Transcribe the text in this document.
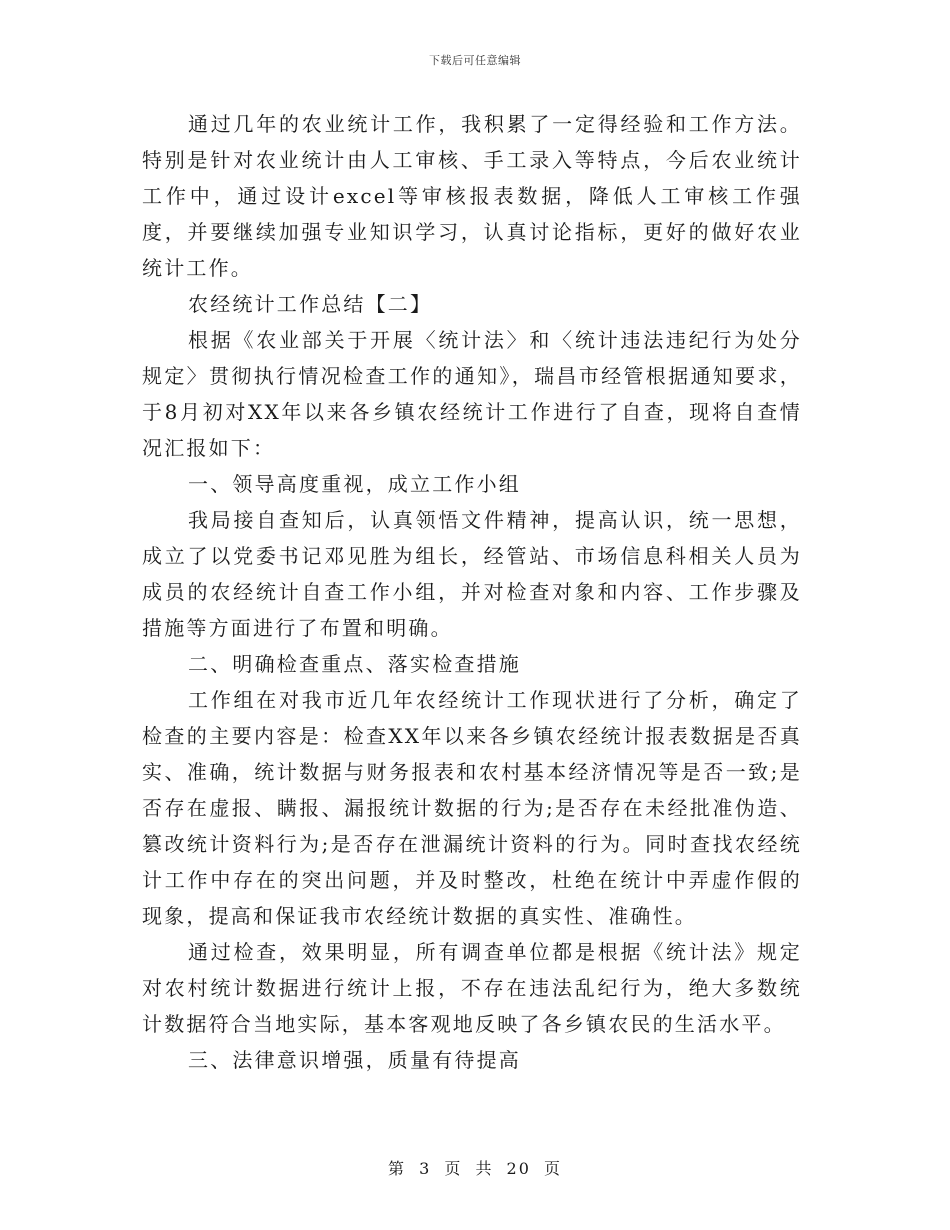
下载后可任意编辑

通过几年的农业统计工作，我积累了一定得经验和工作方法。特别是针对农业统计由人工审核、手工录入等特点，今后农业统计工作中，通过设计excel等审核报表数据，降低人工审核工作强度，并要继续加强专业知识学习，认真讨论指标，更好的做好农业统计工作。

农经统计工作总结【二】

根据《农业部关于开展〈统计法〉和〈统计违法违纪行为处分规定〉贯彻执行情况检查工作的通知》，瑞昌市经管根据通知要求，于8月初对XX年以来各乡镇农经统计工作进行了自查，现将自查情况汇报如下：

一、领导高度重视，成立工作小组

我局接自查知后，认真领悟文件精神，提高认识，统一思想，成立了以党委书记邓见胜为组长，经管站、市场信息科相关人员为成员的农经统计自查工作小组，并对检查对象和内容、工作步骤及措施等方面进行了布置和明确。

二、明确检查重点、落实检查措施

工作组在对我市近几年农经统计工作现状进行了分析，确定了检查的主要内容是：检查XX年以来各乡镇农经统计报表数据是否真实、准确，统计数据与财务报表和农村基本经济情况等是否一致;是否存在虚报、瞒报、漏报统计数据的行为;是否存在未经批准伪造、篡改统计资料行为;是否存在泄漏统计资料的行为。同时查找农经统计工作中存在的突出问题，并及时整改，杜绝在统计中弄虚作假的现象，提高和保证我市农经统计数据的真实性、准确性。

通过检查，效果明显，所有调查单位都是根据《统计法》规定对农村统计数据进行统计上报，不存在违法乱纪行为，绝大多数统计数据符合当地实际，基本客观地反映了各乡镇农民的生活水平。

三、法律意识增强，质量有待提高

第 3 页 共 20 页
